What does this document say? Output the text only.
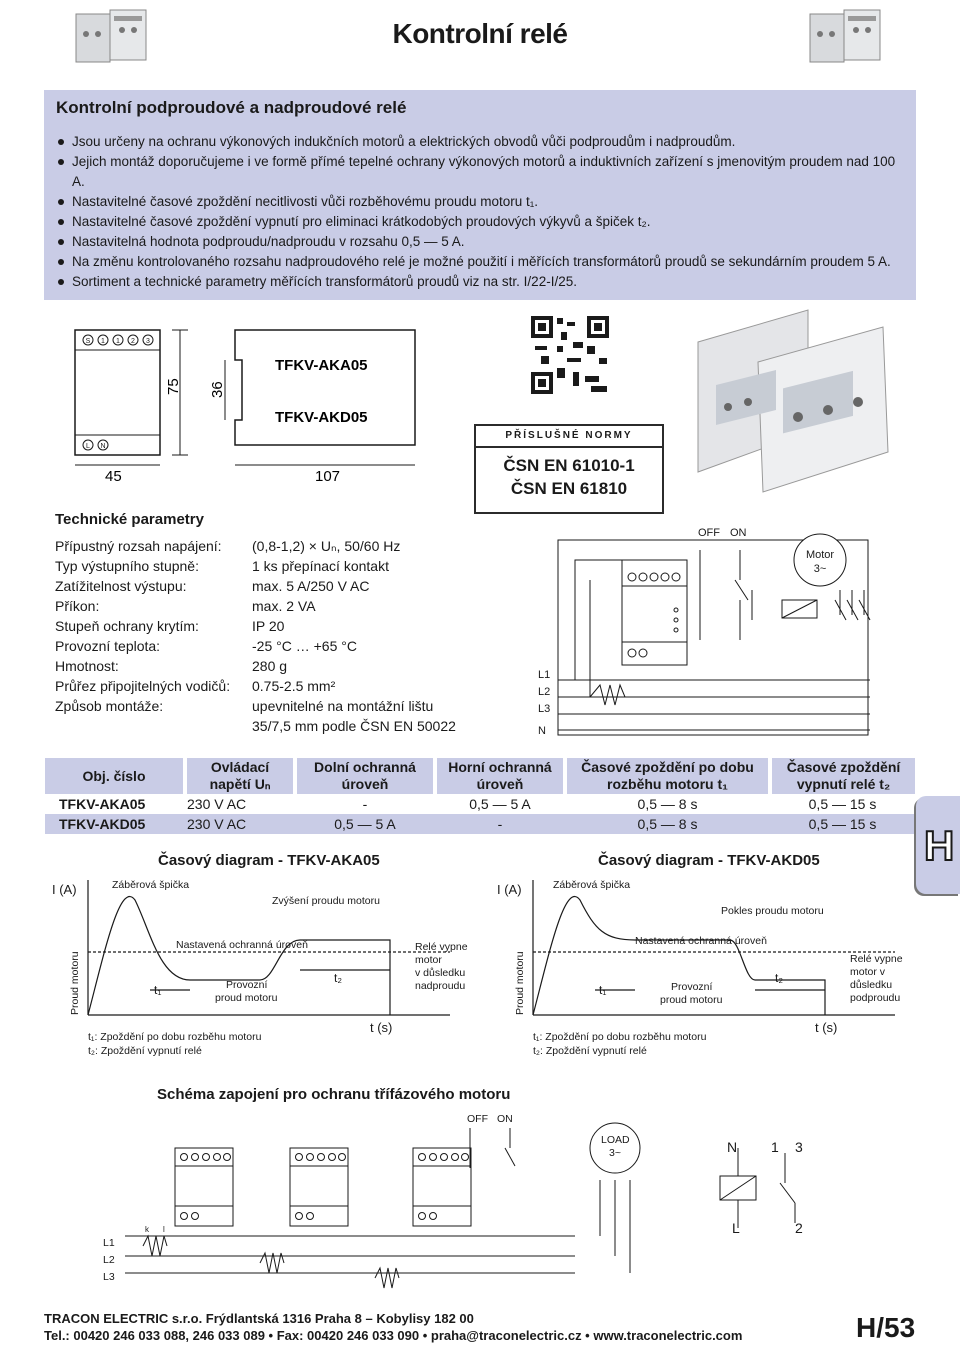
Kontrolní relé
Kontrolní podproudové a nadproudové relé
Jsou určeny na ochranu výkonových indukčních motorů a elektrických obvodů vůči podproudům i nadproudům.
Jejich montáž doporučujeme i ve formě přímé tepelné ochrany výkonových motorů a induktivních zařízení s jmenovitým proudem nad 100 A.
Nastavitelné časové zpoždění necitlivosti vůči rozběhovému proudu motoru t₁.
Nastavitelné časové zpoždění vypnutí pro eliminaci krátkodobých proudových výkyvů a špiček t₂.
Nastavitelná hodnota podproudu/nadproudu v rozsahu 0,5 — 5 A.
Na změnu kontrolovaného rozsahu nadproudového relé je možné použití i měřících transformátorů proudů se sekundárním proudem 5 A.
Sortiment a technické parametry měřících transformátorů proudů viz na str. I/22-I/25.
S 1 1 2 3
L N
75
45
36
TFKV-AKA05
TFKV-AKD05
107
PŘÍSLUŠNÉ NORMY
ČSN EN 61010-1
ČSN EN 61810
Technické parametry
Přípustný rozsah napájení: (0,8-1,2) × Uₙ, 50/60 Hz
Typ výstupního stupně:	1 ks přepínací kontakt
Zatížitelnost výstupu:	max. 5 A/250 V AC
Příkon:	max. 2 VA
Stupeň ochrany krytím:	IP 20
Provozní teplota:	-25 °C … +65 °C
Hmotnost:	280 g
Průřez připojitelných vodičů: 0.75-2.5 mm²
Způsob montáže:	upevnitelné na montážní lištu
35/7,5 mm podle ČSN EN 50022
OFF ON
Motor
3~
L1
L2
L3
N
Obj. číslo	Ovládací napětí Uₙ	Dolní ochranná úroveň	Horní ochranná úroveň	Časové zpoždění po dobu rozběhu motoru t₁	Časové zpoždění vypnutí relé t₂
TFKV-AKA05	230 V AC	-	0,5 — 5 A	0,5 — 8 s	0,5 — 15 s
TFKV-AKD05	230 V AC	0,5 — 5 A	-	0,5 — 8 s	0,5 — 15 s H
Časový diagram - TFKV-AKA05
I (A)	Záběrová špička
Zvýšení proudu motoru
Nastavená ochranná úroveň	Relé vypne
motor
v důsledku
nadproudu
Provozní
proud motoru
t₁
t₂
t (s)
Proud motoru
t₁: Zpoždění po dobu rozběhu motoru
t₂: Zpoždění vypnutí relé
Časový diagram - TFKV-AKD05
I (A)	Záběrová špička
Pokles proudu motoru
Nastavená ochranná úroveň
Relé vypne
motor v
důsledku
podproudu
Provozní
proud motoru
t₁
t₂
t (s)
Proud motoru
t₁: Zpoždění po dobu rozběhu motoru
t₂: Zpoždění vypnutí relé
Schéma zapojení pro ochranu třífázového motoru
OFF ON
LOAD
3~
L1
L2
L3
k l
N 1 3
L	2
TRACON ELECTRIC s.r.o. Frýdlantská 1316 Praha 8 – Kobylisy 182 00
Tel.: 00420 246 033 088, 246 033 089 • Fax: 00420 246 033 090 • praha@traconelectric.cz • www.traconelectric.com	H/53
